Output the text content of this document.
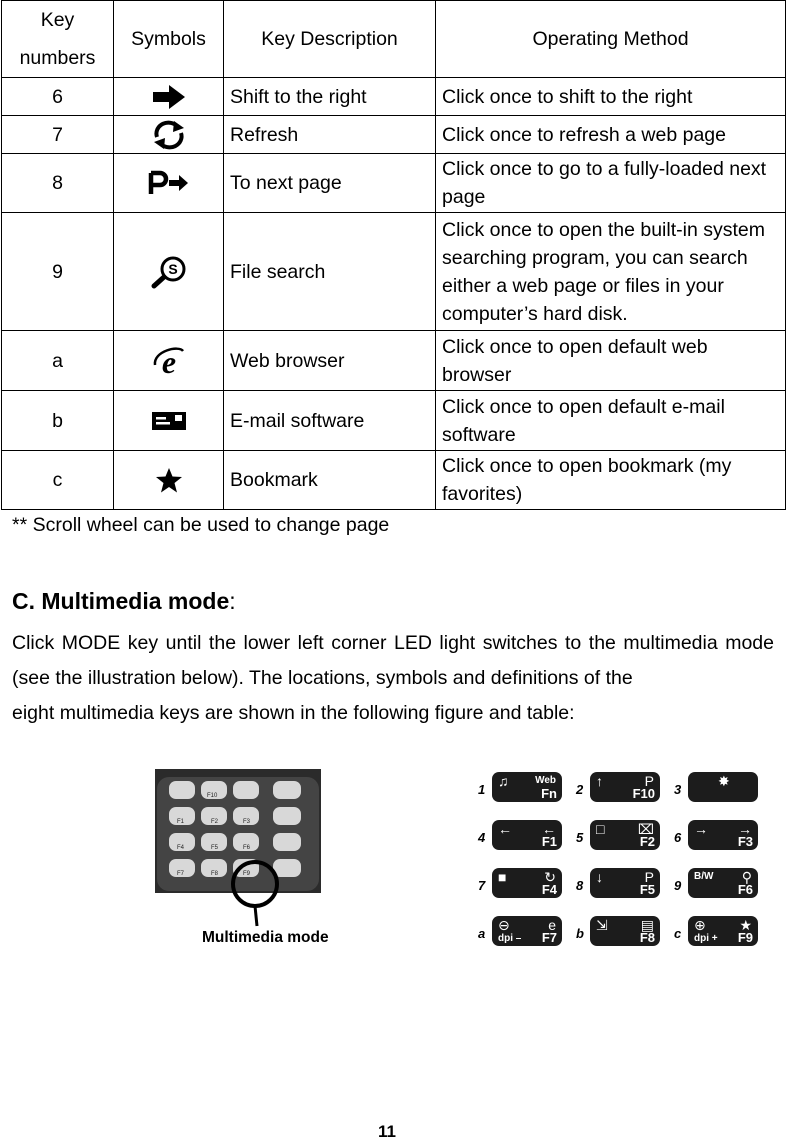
Key numbers	Symbols	Key Description	Operating Method
6		Shift to the right	Click once to shift to the right
7		Refresh	Click once to refresh a web page
8		To next page	Click once to go to a fully-loaded next page
9	S	File search	Click once to open the built-in system searching program, you can search either a web page or files in your computer’s hard disk.
a	e	Web browser	Click once to open default web browser
b		E-mail software	Click once to open default e-mail software
c		Bookmark	Click once to open bookmark (my favorites)
** Scroll wheel can be used to change page
C. Multimedia mode:
Click MODE key until the lower left corner LED light switches to the multimedia mode (see the illustration below). The locations, symbols and definitions of the
eight multimedia keys are shown in the following figure and table:
F10
F1	F2	F3
F4	F5	F6
F7	F8	F9
Multimedia mode
1
♫	Web
Fn 2
↑	P
F10 3
✸
4
← ←
F1 5
□ ⌧
F2 6
→ →
F3
7
■	↻
F4 8
↓	P
F5 9
B/W ⚲
F6
a
⊖	e
dpi – F7 b
⇲ ▤
F8 c
⊕ ★
dpi + F9
11
